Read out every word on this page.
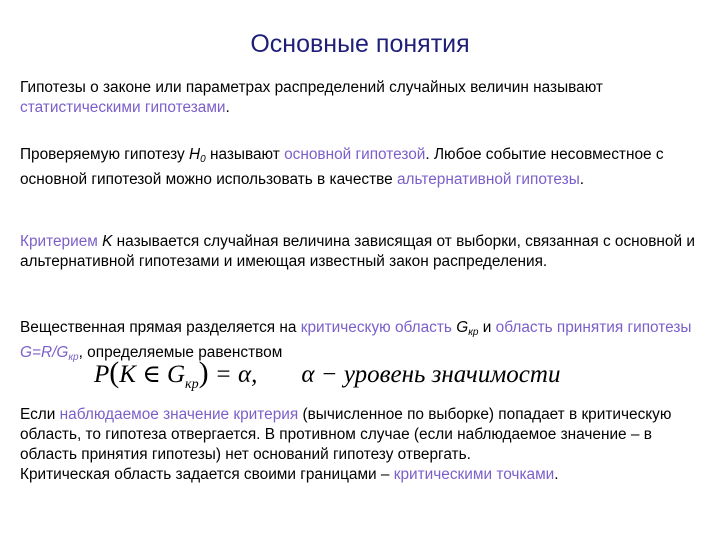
Основные понятия
Гипотезы о законе или параметрах распределений случайных величин называют статистическими гипотезами.
Проверяемую гипотезу $H_0$ называют основной гипотезой. Любое событие несовместное с основной гипотезой можно использовать в качестве альтернативной гипотезы.
Критерием K называется случайная величина зависящая от выборки, связанная с основной и альтернативной гипотезами и имеющая известный закон распределения.
Вещественная прямая разделяется на критическую область $G_{кр}$ и область принятия гипотезы $G=R/G_{кр}$, определяемые равенством
P(K ∈ $G_{кр}) = \alpha$, α − уровень значимости
Если наблюдаемое значение критерия (вычисленное по выборке) попадает в критическую область, то гипотеза отвергается. В противном случае (если наблюдаемое значение – в область принятия гипотезы) нет оснований гипотезу отвергать.
Критическая область задается своими границами – критическими точками.
